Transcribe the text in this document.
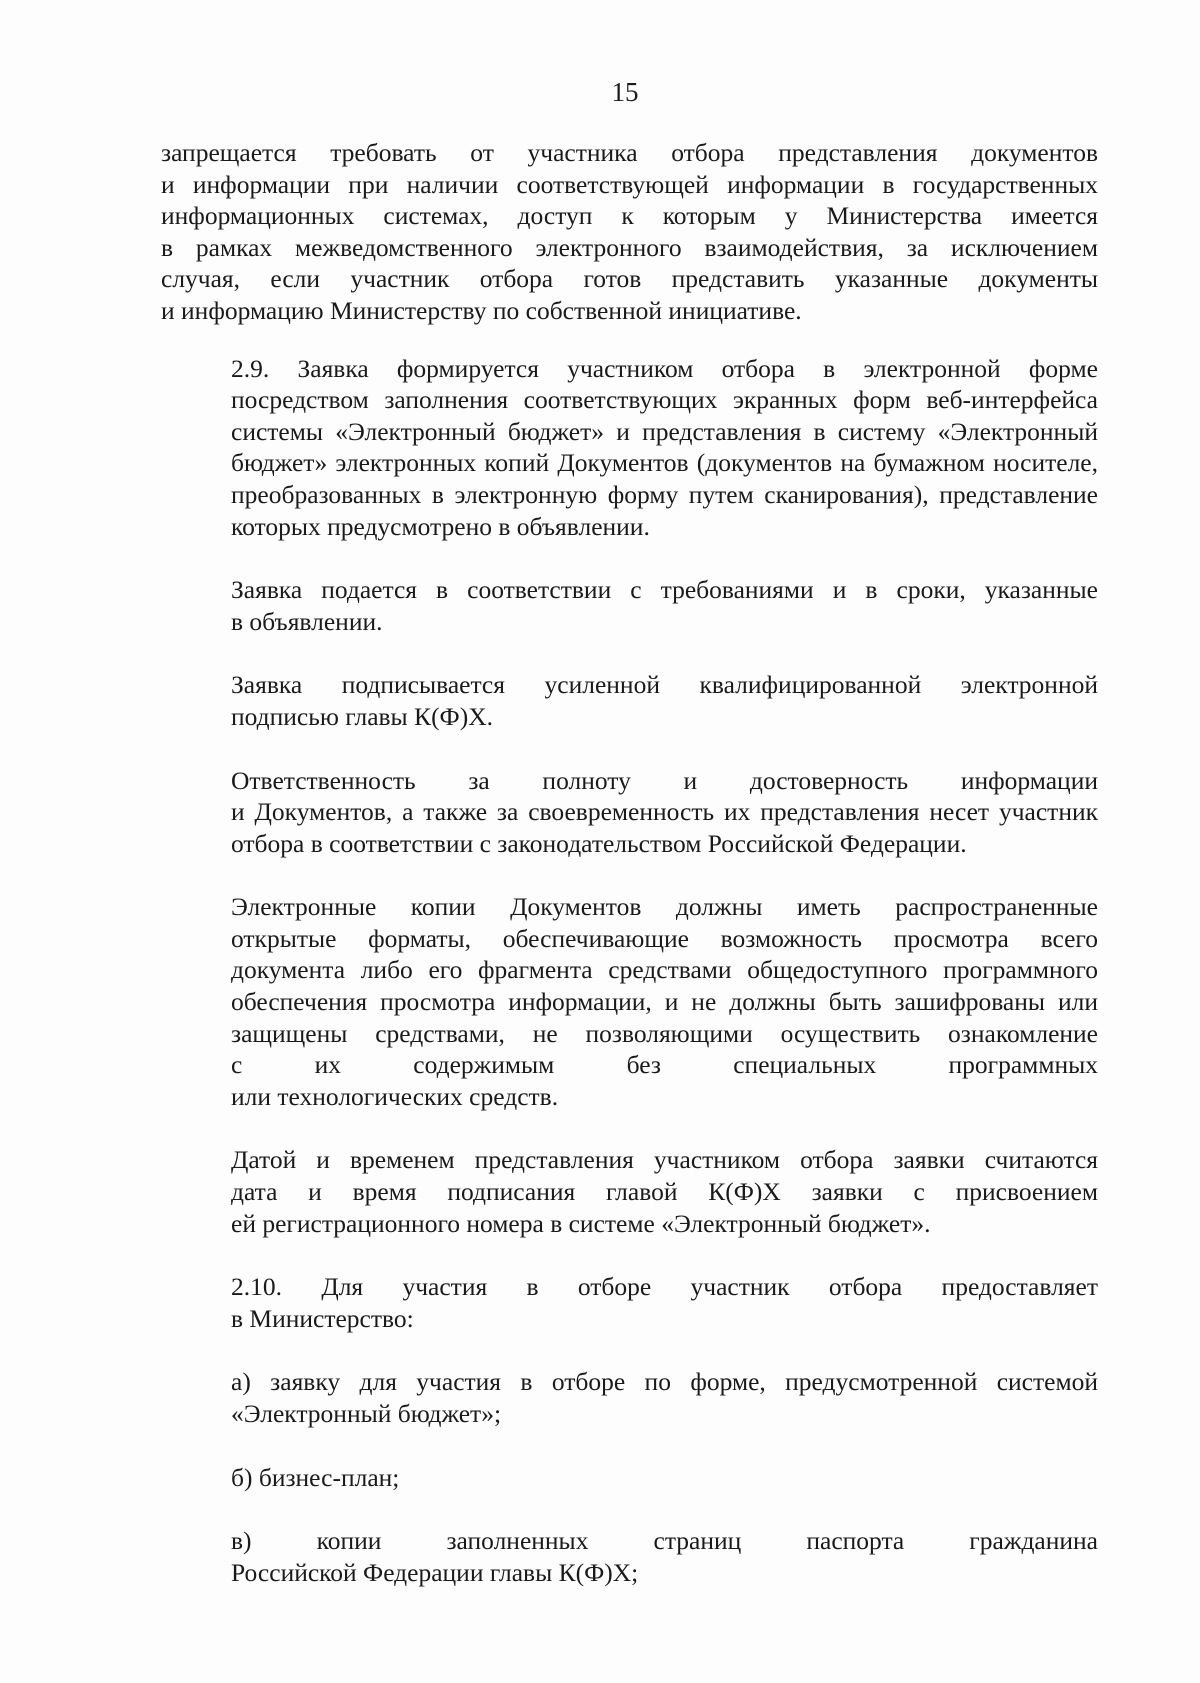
15
запрещается требовать от участника отбора представления документов
и информации при наличии соответствующей информации в государственных
информационных системах, доступ к которым у Министерства имеется
в рамках межведомственного электронного взаимодействия, за исключением
случая, если участник отбора готов представить указанные документы
и информацию Министерству по собственной инициативе.
2.9. Заявка формируется участником отбора в электронной форме
посредством заполнения соответствующих экранных форм веб-интерфейса
системы «Электронный бюджет» и представления в систему «Электронный
бюджет» электронных копий Документов (документов на бумажном носителе,
преобразованных в электронную форму путем сканирования), представление
которых предусмотрено в объявлении.
Заявка подается в соответствии с требованиями и в сроки, указанные
в объявлении.
Заявка подписывается усиленной квалифицированной электронной
подписью главы К(Ф)Х.
Ответственность за полноту и достоверность информации
и Документов, а также за своевременность их представления несет участник
отбора в соответствии с законодательством Российской Федерации.
Электронные копии Документов должны иметь распространенные
открытые форматы, обеспечивающие возможность просмотра всего
документа либо его фрагмента средствами общедоступного программного
обеспечения просмотра информации, и не должны быть зашифрованы или
защищены средствами, не позволяющими осуществить ознакомление
с их содержимым без специальных программных
или технологических средств.
Датой и временем представления участником отбора заявки считаются
дата и время подписания главой К(Ф)Х заявки с присвоением
ей регистрационного номера в системе «Электронный бюджет».
2.10. Для участия в отборе участник отбора предоставляет
в Министерство:
а) заявку для участия в отборе по форме, предусмотренной системой
«Электронный бюджет»;
б) бизнес-план;
в) копии заполненных страниц паспорта гражданина
Российской Федерации главы К(Ф)Х;
